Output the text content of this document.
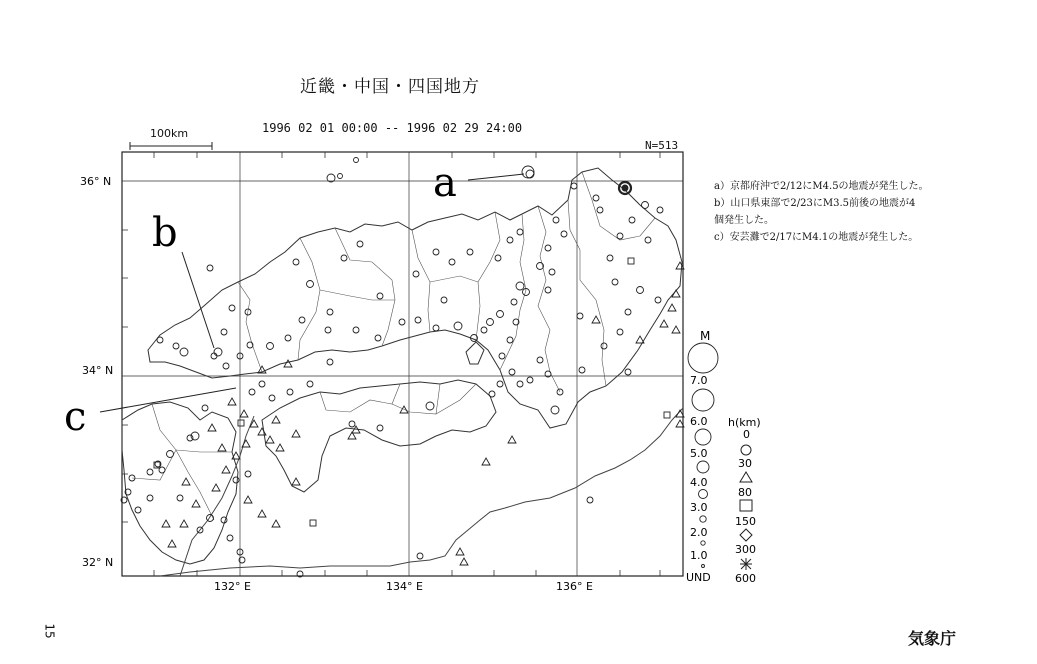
近畿・中国・四国地方
1996 02 01 00:00 -- 1996 02 29 24:00
N=513
100km
36° N
34° N
32° N
132° E	134° E	136° E
a
b
c
M
7.0
6.0
5.0
4.0
3.0
2.0
1.0
UND
h(km)
0
30
80
150
300
600
a）京都府沖で2/12にM4.5の地震が発生した。
b）山口県東部で2/23にM3.5前後の地震が4
個発生した。
c）安芸灘で2/17にM4.1の地震が発生した。
15	気象庁
